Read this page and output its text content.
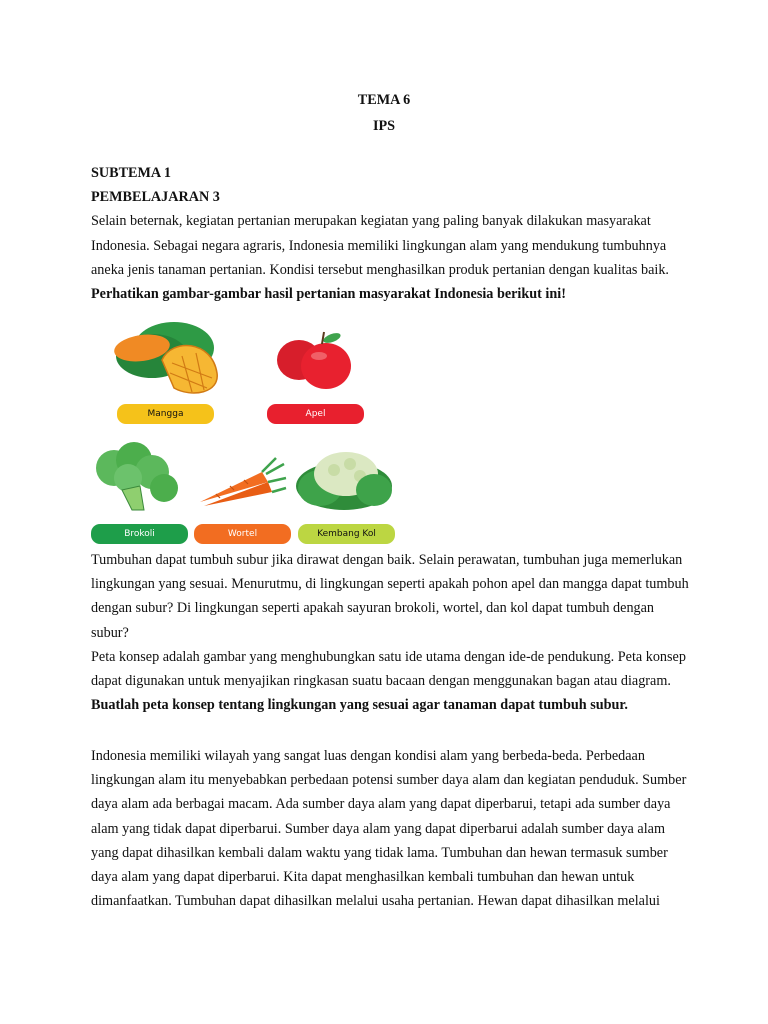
TEMA 6
IPS
SUBTEMA 1
PEMBELAJARAN 3
Selain beternak, kegiatan pertanian merupakan kegiatan yang paling banyak dilakukan masyarakat
Indonesia. Sebagai negara agraris, Indonesia memiliki lingkungan alam yang mendukung tumbuhnya
aneka jenis tanaman pertanian. Kondisi tersebut menghasilkan produk pertanian dengan kualitas baik.
Perhatikan gambar-gambar hasil pertanian masyarakat Indonesia berikut ini!
Mangga	Apel
Brokoli	Wortel	Kembang Kol
Tumbuhan dapat tumbuh subur jika dirawat dengan baik. Selain perawatan, tumbuhan juga memerlukan
lingkungan yang sesuai. Menurutmu, di lingkungan seperti apakah pohon apel dan mangga dapat tumbuh
dengan subur? Di lingkungan seperti apakah sayuran brokoli, wortel, dan kol dapat tumbuh dengan
subur?
Peta konsep adalah gambar yang menghubungkan satu ide utama dengan ide-de pendukung. Peta konsep
dapat digunakan untuk menyajikan ringkasan suatu bacaan dengan menggunakan bagan atau diagram.
Buatlah peta konsep tentang lingkungan yang sesuai agar tanaman dapat tumbuh subur.
Indonesia memiliki wilayah yang sangat luas dengan kondisi alam yang berbeda-beda. Perbedaan
lingkungan alam itu menyebabkan perbedaan potensi sumber daya alam dan kegiatan penduduk. Sumber
daya alam ada berbagai macam. Ada sumber daya alam yang dapat diperbarui, tetapi ada sumber daya
alam yang tidak dapat diperbarui. Sumber daya alam yang dapat diperbarui adalah sumber daya alam
yang dapat dihasilkan kembali dalam waktu yang tidak lama. Tumbuhan dan hewan termasuk sumber
daya alam yang dapat diperbarui. Kita dapat menghasilkan kembali tumbuhan dan hewan untuk
dimanfaatkan. Tumbuhan dapat dihasilkan melalui usaha pertanian. Hewan dapat dihasilkan melalui
